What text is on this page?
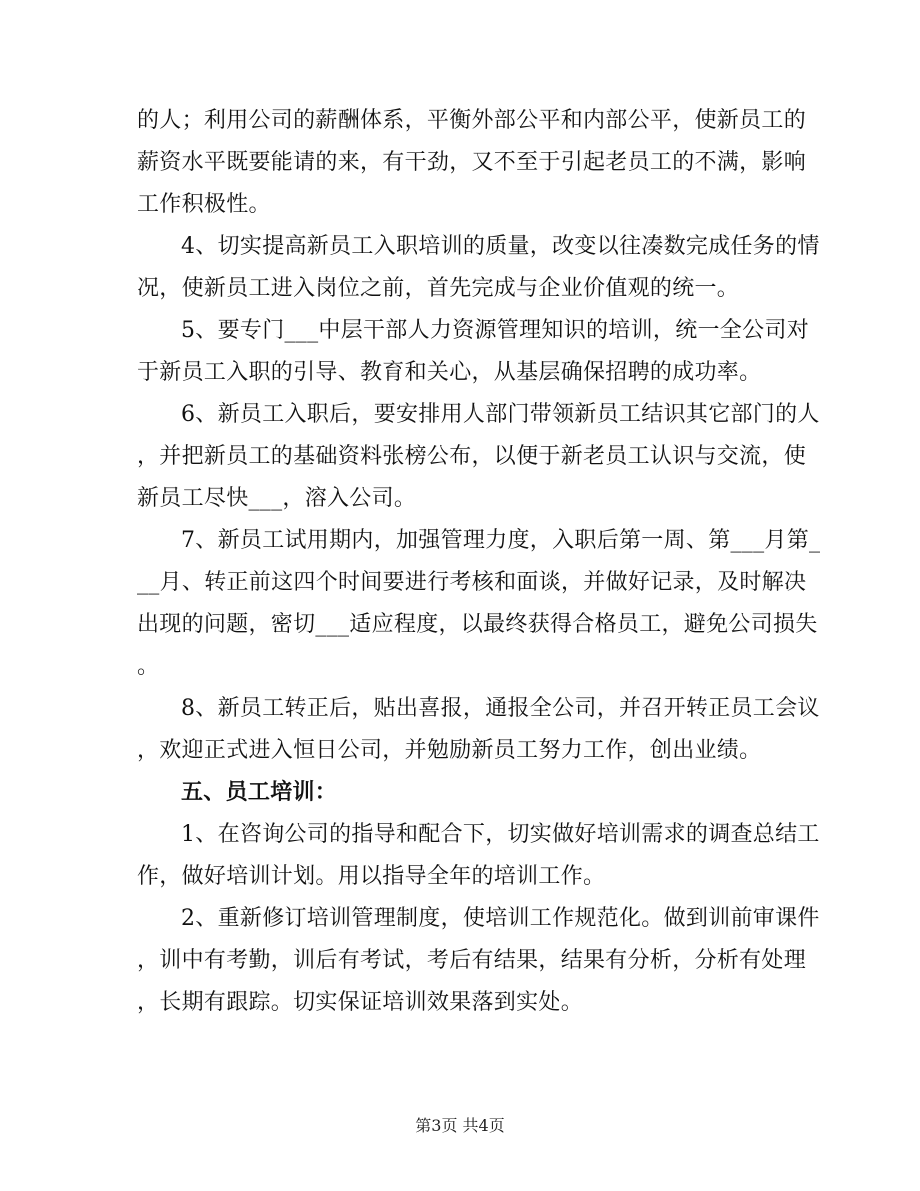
的人；利用公司的薪酬体系，平衡外部公平和内部公平，使新员工的
薪资水平既要能请的来，有干劲，又不至于引起老员工的不满，影响
工作积极性。
4、切实提高新员工入职培训的质量，改变以往凑数完成任务的情
况，使新员工进入岗位之前，首先完成与企业价值观的统一。
5、要专门___中层干部人力资源管理知识的培训，统一全公司对
于新员工入职的引导、教育和关心，从基层确保招聘的成功率。
6、新员工入职后，要安排用人部门带领新员工结识其它部门的人
，并把新员工的基础资料张榜公布，以便于新老员工认识与交流，使
新员工尽快___，溶入公司。
7、新员工试用期内，加强管理力度，入职后第一周、第___月第_
__月、转正前这四个时间要进行考核和面谈，并做好记录，及时解决
出现的问题，密切___适应程度，以最终获得合格员工，避免公司损失
。
8、新员工转正后，贴出喜报，通报全公司，并召开转正员工会议
，欢迎正式进入恒日公司，并勉励新员工努力工作，创出业绩。
五、员工培训：
1、在咨询公司的指导和配合下，切实做好培训需求的调查总结工
作，做好培训计划。用以指导全年的培训工作。
2、重新修订培训管理制度，使培训工作规范化。做到训前审课件
，训中有考勤，训后有考试，考后有结果，结果有分析，分析有处理
，长期有跟踪。切实保证培训效果落到实处。
第3页 共4页
